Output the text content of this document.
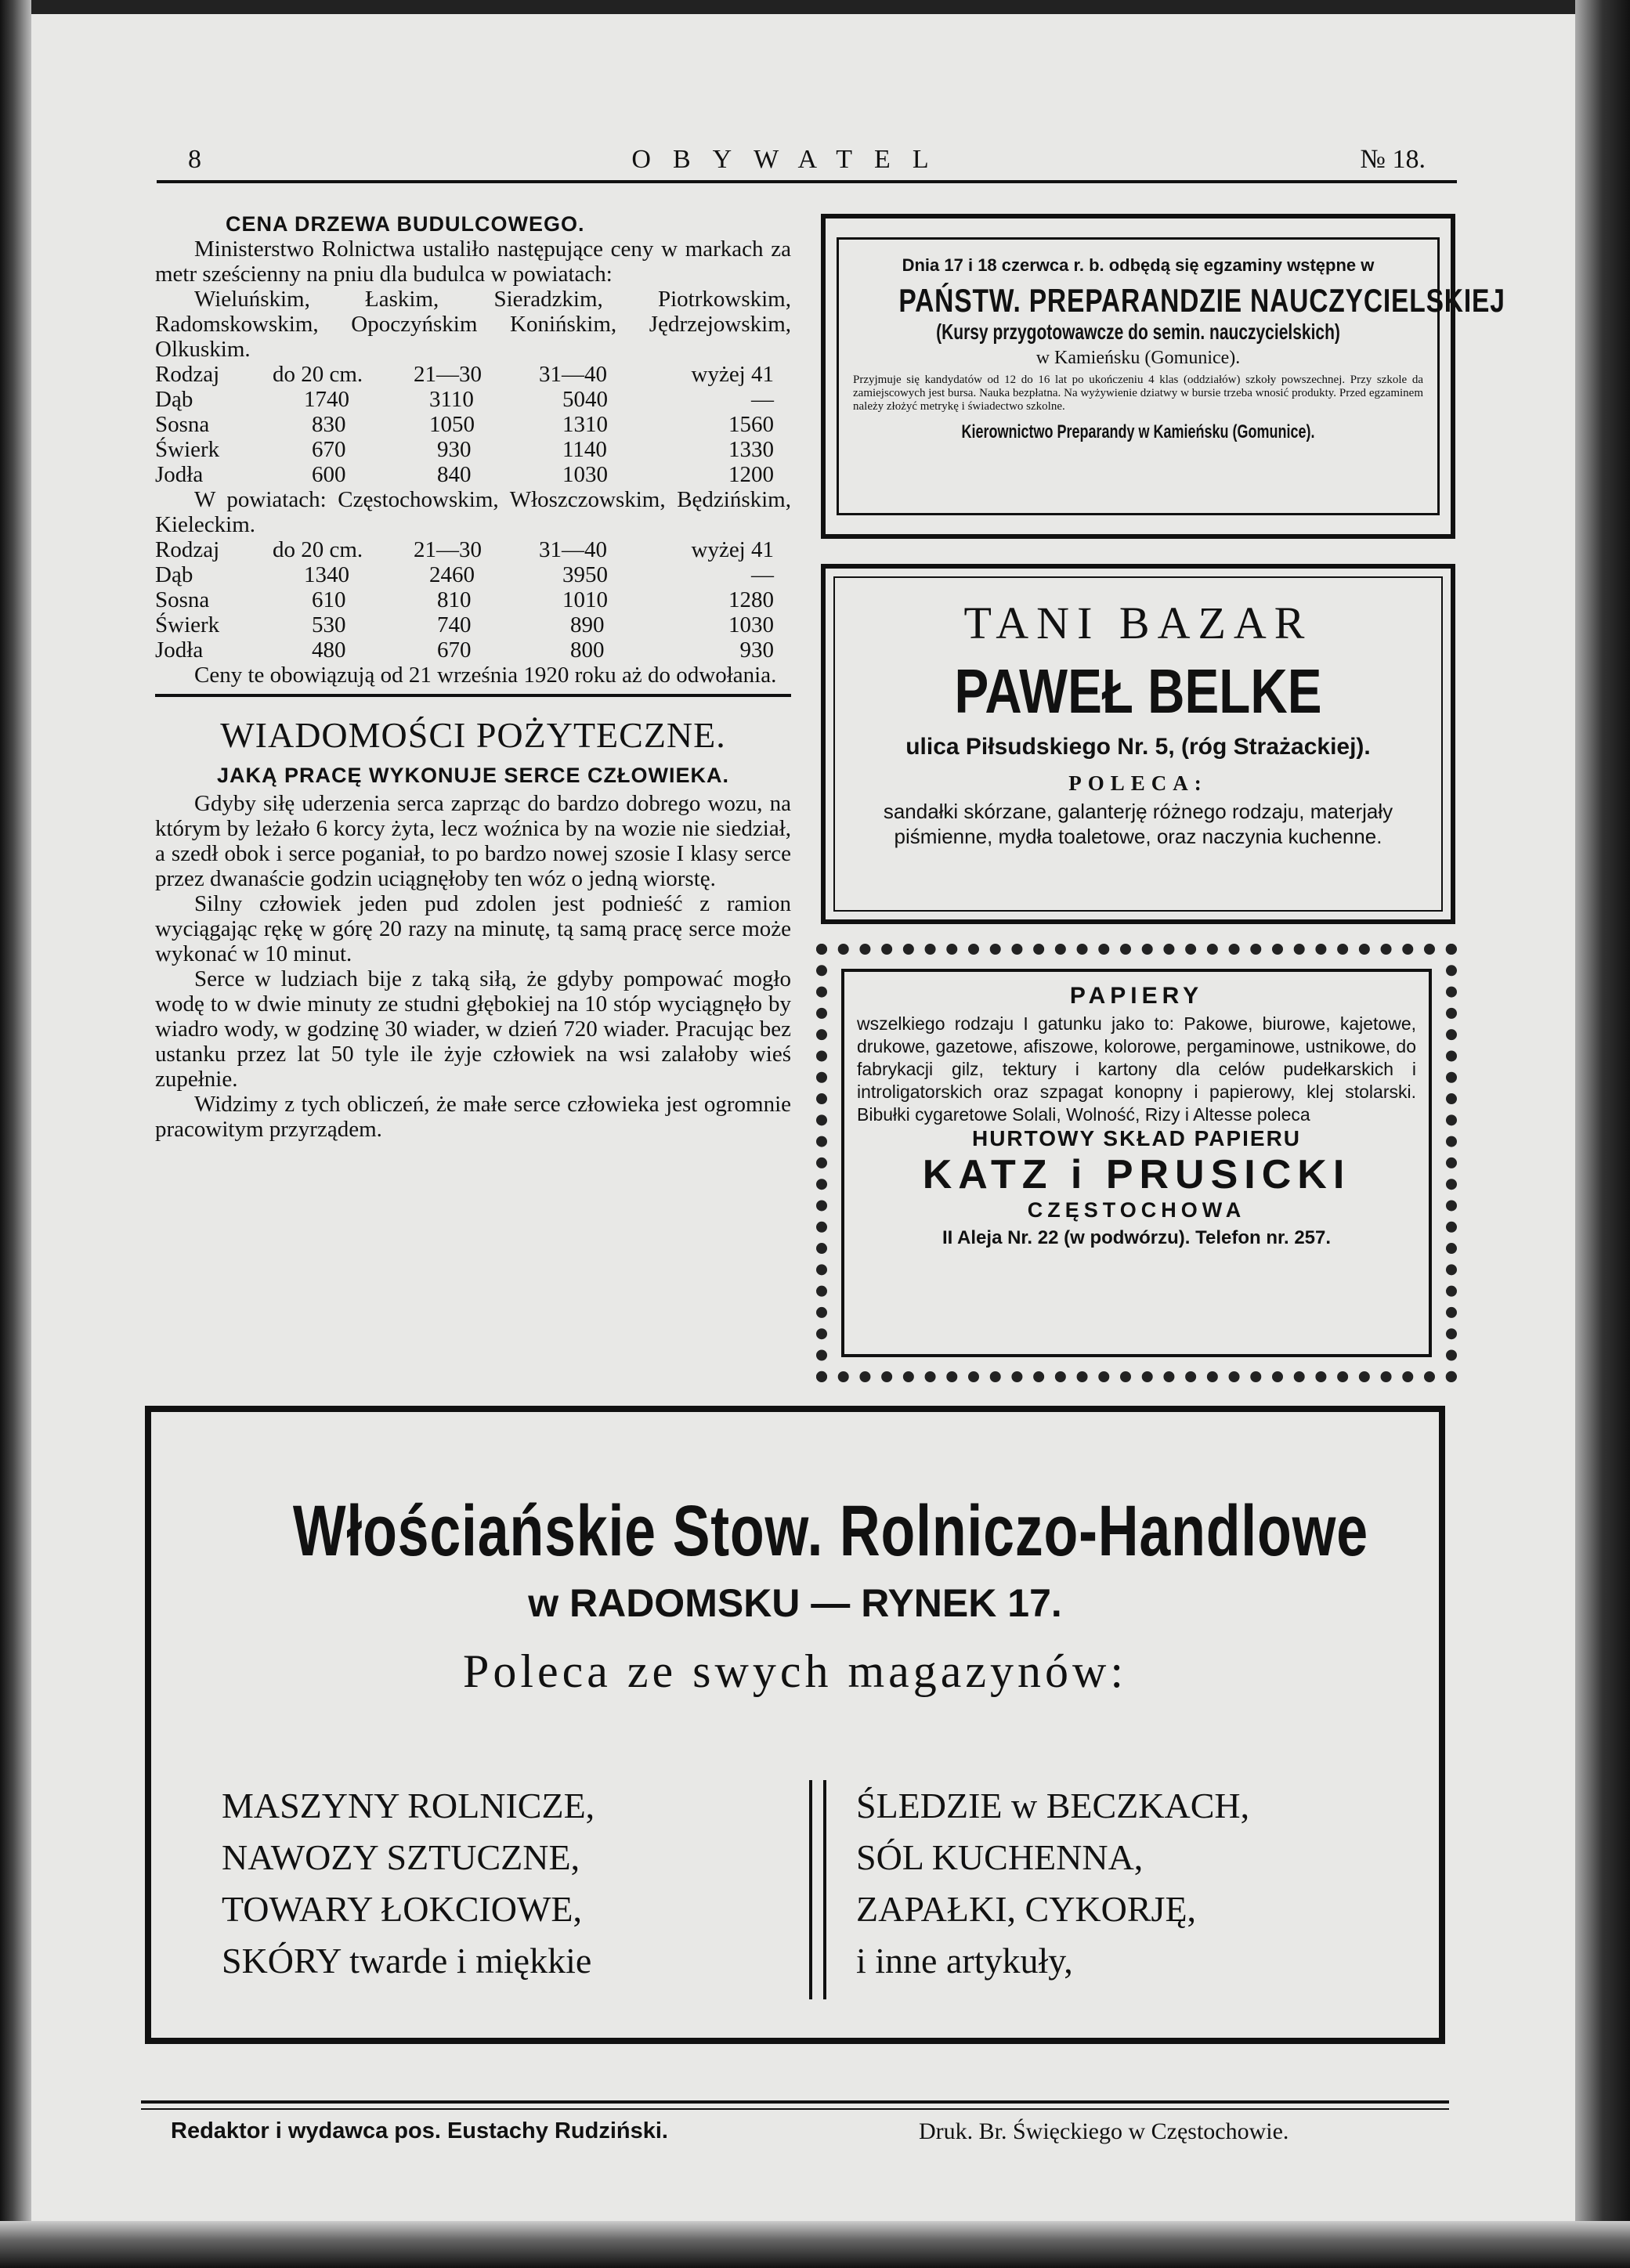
8	OBYWATEL	№ 18.
CENA DRZEWA BUDULCOWEGO.

Ministerstwo Rolnictwa ustaliło następujące ceny w markach za metr sześcienny na pniu dla budulca w powiatach:

Wieluńskim, Łaskim, Sieradzkim, Piotrkowskim, Radomskowskim, Opoczyńskim Konińskim, Jędrzejowskim, Olkuskim.

Rodzaj	do 20 cm.	21—30	31—40	wyżej 41
Dąb	1740	3110	5040	—
Sosna	830	1050	1310	1560
Świerk	670	930	1140	1330
Jodła	600	840	1030	1200

W powiatach: Częstochowskim, Włoszczowskim, Będzińskim, Kieleckim.

Rodzaj	do 20 cm.	21—30	31—40	wyżej 41
Dąb	1340	2460	3950	—
Sosna	610	810	1010	1280
Świerk	530	740	890	1030
Jodła	480	670	800	930

Ceny te obowiązują od 21 września 1920 roku aż do odwołania.

WIADOMOŚCI POŻYTECZNE.
JAKĄ PRACĘ WYKONUJE SERCE CZŁOWIEKA.

Gdyby siłę uderzenia serca zaprząc do bardzo dobrego wozu, na którym by leżało 6 korcy żyta, lecz woźnica by na wozie nie siedział, a szedł obok i serce poganiał, to po bardzo nowej szosie I klasy serce przez dwanaście godzin uciągnęłoby ten wóz o jedną wiorstę.

Silny człowiek jeden pud zdolen jest podnieść z ramion wyciągając rękę w górę 20 razy na minutę, tą samą pracę serce może wykonać w 10 minut.

Serce w ludziach bije z taką siłą, że gdyby pompować mogło wodę to w dwie minuty ze studni głębokiej na 10 stóp wyciągnęło by wiadro wody, w godzinę 30 wiader, w dzień 720 wiader. Pracując bez ustanku przez lat 50 tyle ile żyje człowiek na wsi zalałoby wieś zupełnie.

Widzimy z tych obliczeń, że małe serce człowieka jest ogromnie pracowitym przyrządem.

Dnia 17 i 18 czerwca r. b. odbędą się egzaminy wstępne w
PAŃSTW. PREPARANDZIE NAUCZYCIELSKIEJ
(Kursy przygotowawcze do semin. nauczycielskich)
w Kamieńsku (Gomunice).
Przyjmuje się kandydatów od 12 do 16 lat po ukończeniu 4 klas (oddziałów) szkoły powszechnej. Przy szkole da zamiejscowych jest bursa. Nauka bezpłatna. Na wyżywienie dziatwy w bursie trzeba wnosić produkty. Przed egzaminem należy złożyć metrykę i świadectwo szkolne.
Kierownictwo Preparandy w Kamieńsku (Gomunice).
TANI BAZAR
PAWEŁ BELKE
ulica Piłsudskiego Nr. 5, (róg Strażackiej).
POLECA:
sandałki skórzane, galanterję różnego rodzaju, materjały piśmienne, mydła toaletowe, oraz naczynia kuchenne.
PAPIERY
wszelkiego rodzaju I gatunku jako to: Pakowe, biurowe, kajetowe, drukowe, gazetowe, afiszowe, kolorowe, pergaminowe, ustnikowe, do fabrykacji gilz, tektury i kartony dla celów pudełkarskich i introligatorskich oraz szpagat konopny i papierowy, klej stolarski. Bibułki cygaretowe Solali, Wolność, Rizy i Altesse poleca
HURTOWY SKŁAD PAPIERU
KATZ i PRUSICKI
CZĘSTOCHOWA
II Aleja Nr. 22 (w podwórzu). Telefon nr. 257.
Włościańskie Stow. Rolniczo-Handlowe
w RADOMSKU — RYNEK 17.
Poleca ze swych magazynów:
MASZYNY ROLNICZE,
NAWOZY SZTUCZNE,
TOWARY ŁOKCIOWE,
SKÓRY twarde i miękkie
ŚLEDZIE w BECZKACH,
SÓL KUCHENNA,
ZAPAŁKI, CYKORJĘ,
i inne artykuły,
Redaktor i wydawca pos. Eustachy Rudziński.	Druk. Br. Święckiego w Częstochowie.
